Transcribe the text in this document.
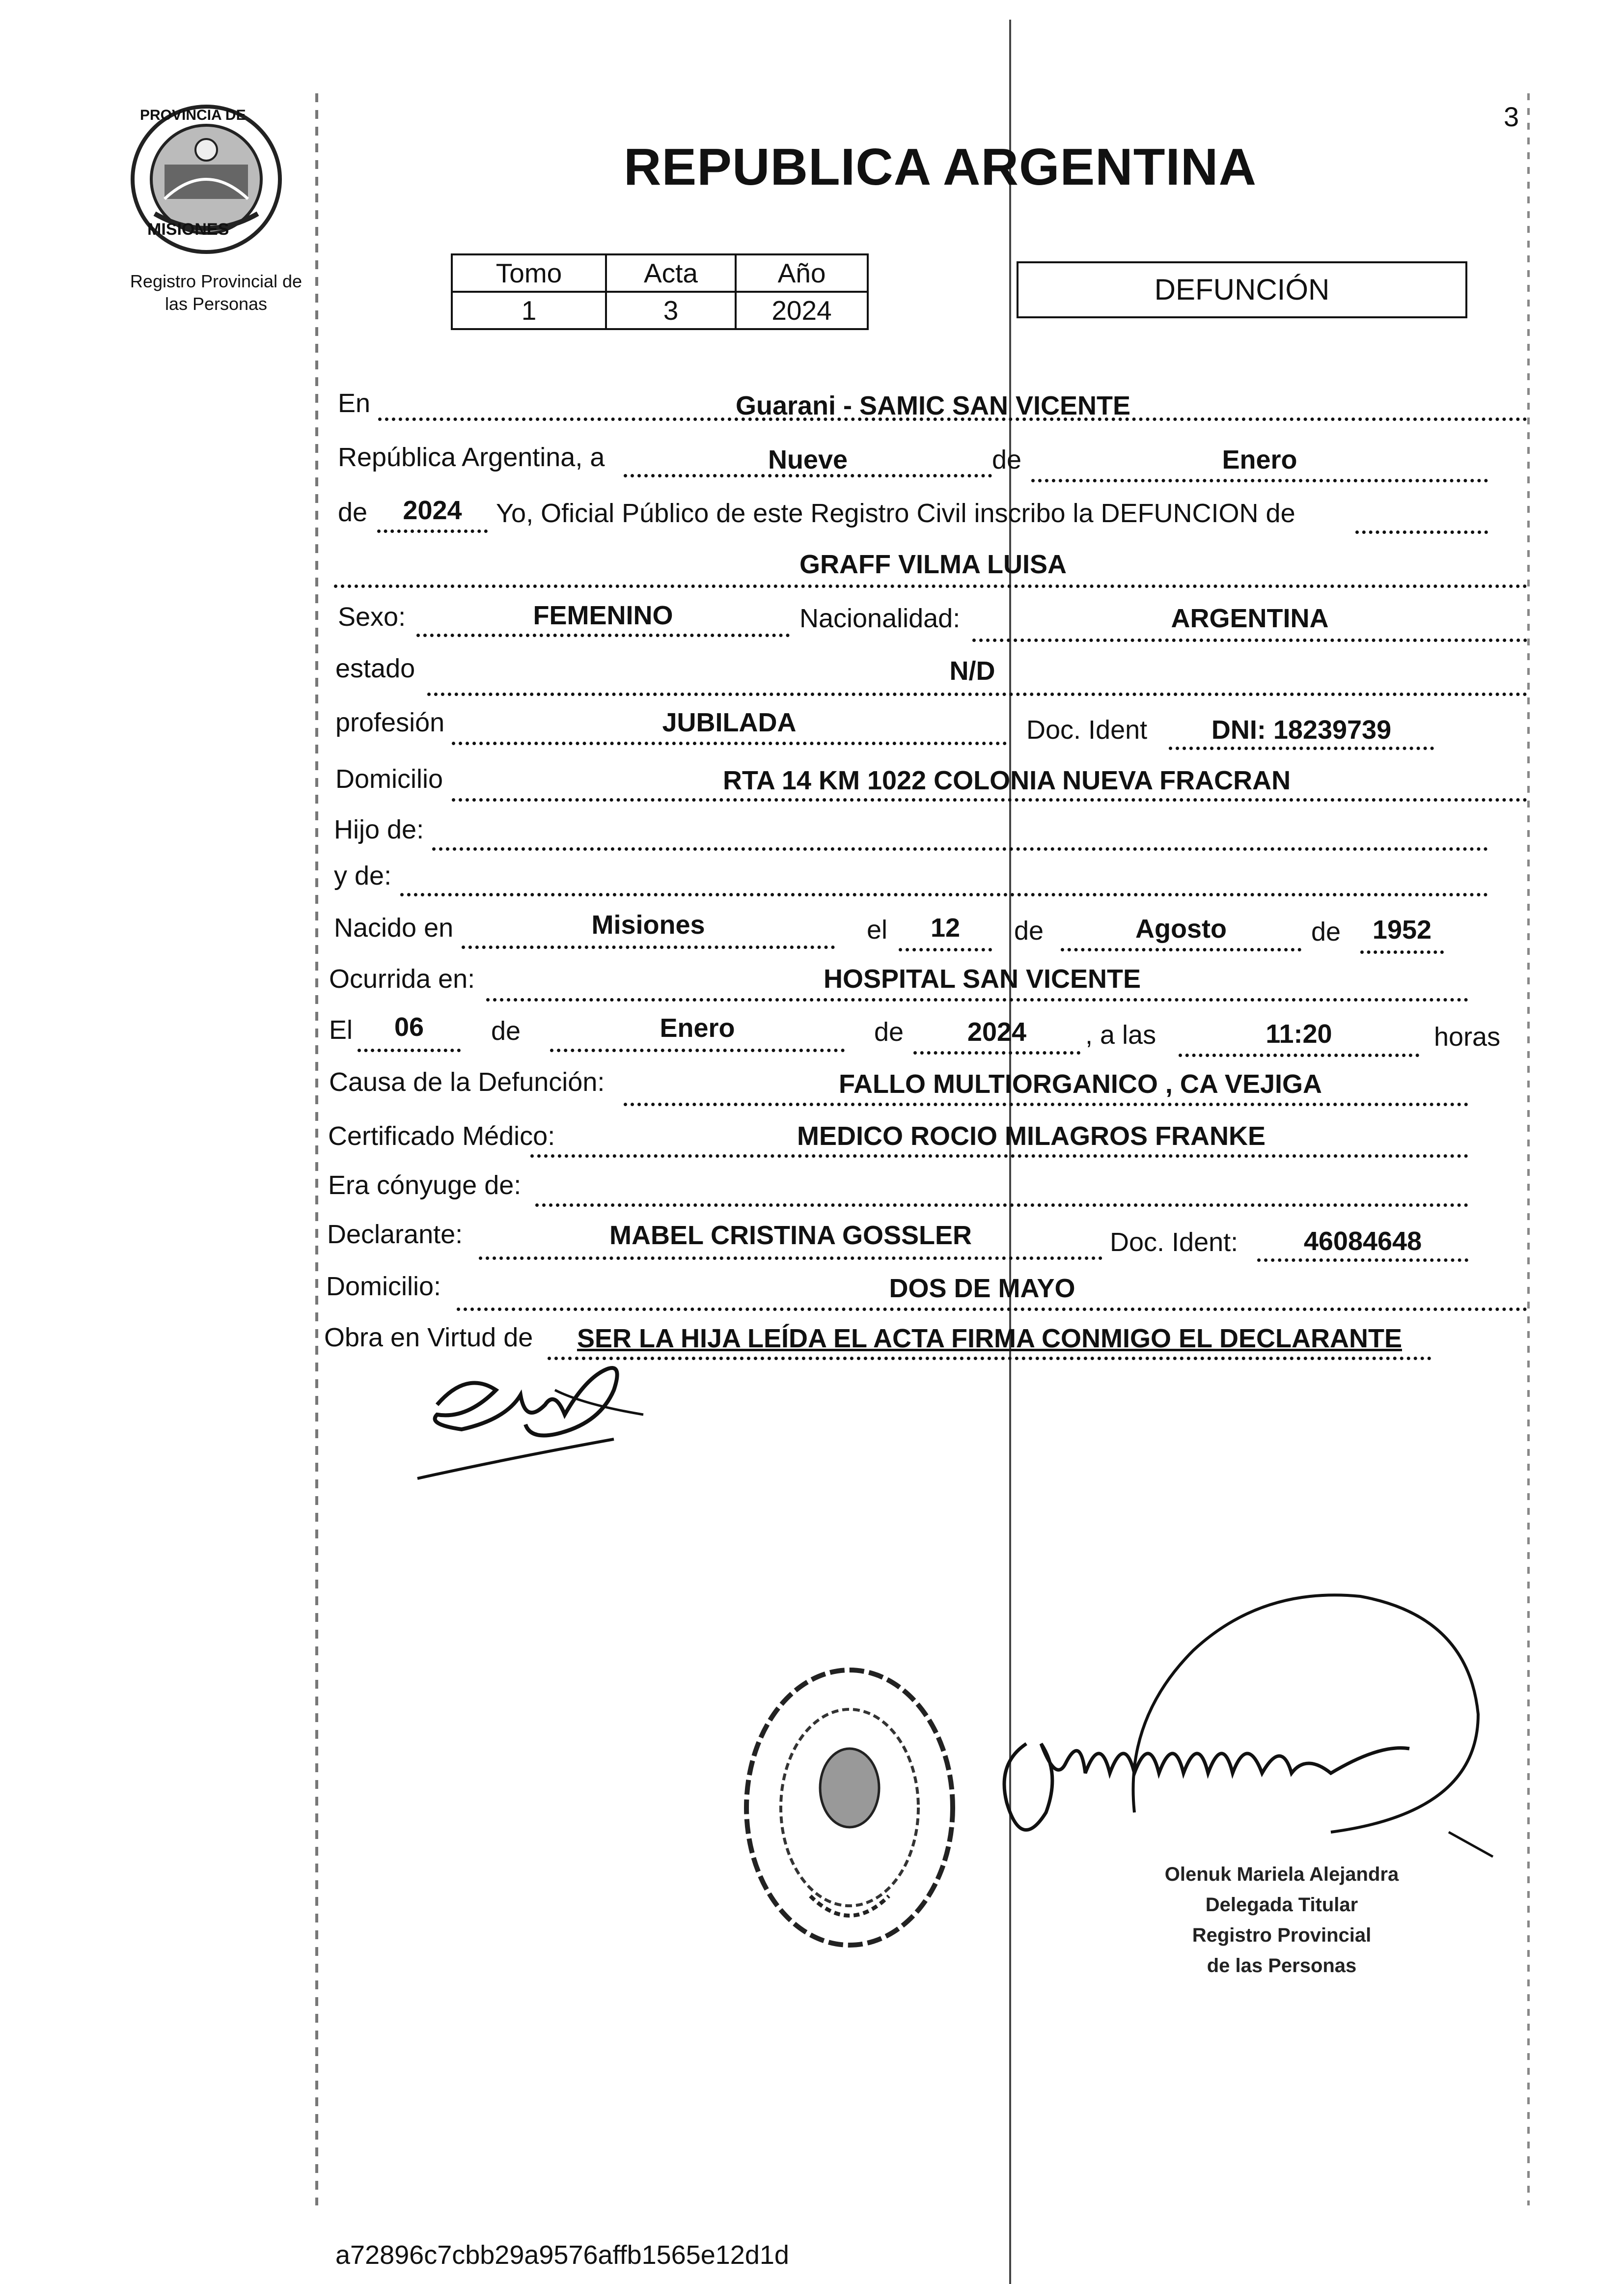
PROVINCIA DE
MISIONES
Registro Provincial de
las Personas
REPUBLICA ARGENTINA
3
Tomo	Acta	Año
1	3	2024
DEFUNCIÓN
En	Guarani - SAMIC SAN VICENTE
República Argentina, a	Nueve	de	Enero
de	2024	Yo, Oficial Público de este Registro Civil inscribo la DEFUNCION de
GRAFF VILMA LUISA
Sexo:	FEMENINO	Nacionalidad:	ARGENTINA
estado	N/D
profesión	JUBILADA	Doc. Ident	DNI: 18239739
Domicilio	RTA 14 KM 1022 COLONIA NUEVA FRACRAN
Hijo de:
y de:
Nacido en	Misiones	el	12	de	Agosto	de	1952
Ocurrida en:	HOSPITAL SAN VICENTE
El	06	de	Enero	de	2024	, a las	11:20	horas
Causa de la Defunción:	FALLO MULTIORGANICO , CA VEJIGA
Certificado Médico:	MEDICO ROCIO MILAGROS FRANKE
Era cónyuge de:
Declarante:	MABEL CRISTINA GOSSLER	Doc. Ident:	46084648
Domicilio:	DOS DE MAYO
Obra en Virtud de	SER LA HIJA LEÍDA EL ACTA FIRMA CONMIGO EL DECLARANTE
Olenuk Mariela Alejandra
Delegada Titular
Registro Provincial
de las Personas
a72896c7cbb29a9576affb1565e12d1d
